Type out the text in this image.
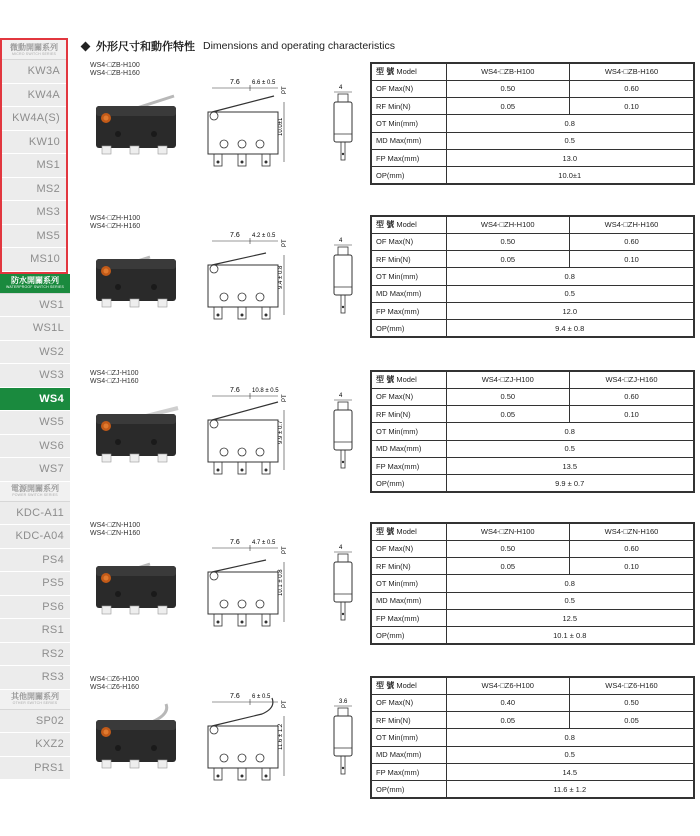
外形尺寸和動作特性 Dimensions and operating characteristics
微動開關系列
MICRO SWITCH SERIES
KW3A
KW4A
KW4A(S)
KW10
MS1
MS2
MS3
MS5
MS10
防水開關系列
WATERPROOF SWITCH SERIES
WS1
WS1L
WS2
WS3
WS4
WS5
WS6
WS7
電源開關系列
POWER SWITCH SERIES
KDC-A11
KDC-A04
PS4
PS5
PS6
RS1
RS2
RS3
其他開關系列
OTHER SWITCH SERIES
SP02
KXZ2
PRS1
WS4-□ZB-H100
WS4-□ZB-H160
7.6 6.6 ± 0.5
PT
10.0±1
4
型 號 Model	WS4-□ZB-H100	WS4-□ZB-H160
OF Max(N)	0.50	0.60
RF Min(N)	0.05	0.10
OT Min(mm)	0.8	
MD Max(mm)	0.5	
FP Max(mm)	13.0	
OP(mm)	10.0±1	
WS4-□ZH-H100
WS4-□ZH-H160
7.6 4.2 ± 0.5
PT
9.4 ± 0.8
4
型 號 Model	WS4-□ZH-H100	WS4-□ZH-H160
OF Max(N)	0.50	0.60
RF Min(N)	0.05	0.10
OT Min(mm)	0.8	
MD Max(mm)	0.5	
FP Max(mm)	12.0	
OP(mm)	9.4 ± 0.8	
WS4-□ZJ-H100
WS4-□ZJ-H160
7.6 10.8 ± 0.5
PT
9.9 ± 0.7
4
型 號 Model	WS4-□ZJ-H100	WS4-□ZJ-H160
OF Max(N)	0.50	0.60
RF Min(N)	0.05	0.10
OT Min(mm)	0.8	
MD Max(mm)	0.5	
FP Max(mm)	13.5	
OP(mm)	9.9 ± 0.7	
WS4-□ZN-H100
WS4-□ZN-H160
7.6 4.7 ± 0.5
PT
10.1 ± 0.8
4
型 號 Model	WS4-□ZN-H100	WS4-□ZN-H160
OF Max(N)	0.50	0.60
RF Min(N)	0.05	0.10
OT Min(mm)	0.8	
MD Max(mm)	0.5	
FP Max(mm)	12.5	
OP(mm)	10.1 ± 0.8	
WS4-□Z6-H100
WS4-□Z6-H160
7.6 6 ± 0.5
PT
11.6 ± 1.2
3.6
型 號 Model	WS4-□Z6-H100	WS4-□Z6-H160
OF Max(N)	0.40	0.50
RF Min(N)	0.05	0.05
OT Min(mm)	0.8	
MD Max(mm)	0.5	
FP Max(mm)	14.5	
OP(mm)	11.6 ± 1.2	
